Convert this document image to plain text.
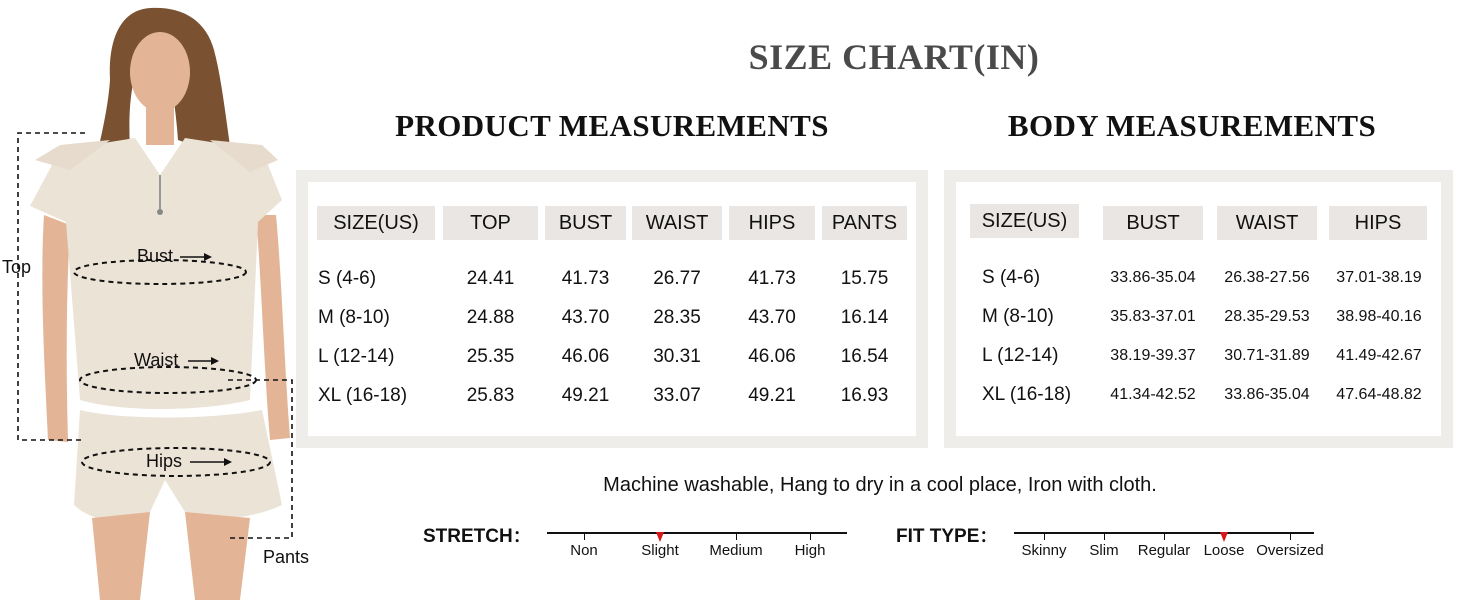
Top
Bust
Waist
Hips
Pants
SIZE CHART(IN)
PRODUCT MEASUREMENTS	BODY MEASUREMENTS
SIZE(US)	TOP	BUST	WAIST	HIPS	PANTS
S (4-6)	24.41	41.73	26.77	41.73	15.75
M (8-10)	24.88	43.70	28.35	43.70	16.14
L (12-14)	25.35	46.06	30.31	46.06	16.54
XL (16-18)	25.83	49.21	33.07	49.21	16.93
SIZE(US)	BUST	WAIST	HIPS
S (4-6)	33.86-35.04	26.38-27.56	37.01-38.19
M (8-10)	35.83-37.01	28.35-29.53	38.98-40.16
L (12-14)	38.19-39.37	30.71-31.89	41.49-42.67
XL (16-18)	41.34-42.52	33.86-35.04	47.64-48.82
Machine washable, Hang to dry in a cool place, Iron with cloth.
STRETCH：
Non	Slight Medium High
FIT TYPE：
Skinny Slim Regular Loose Oversized
